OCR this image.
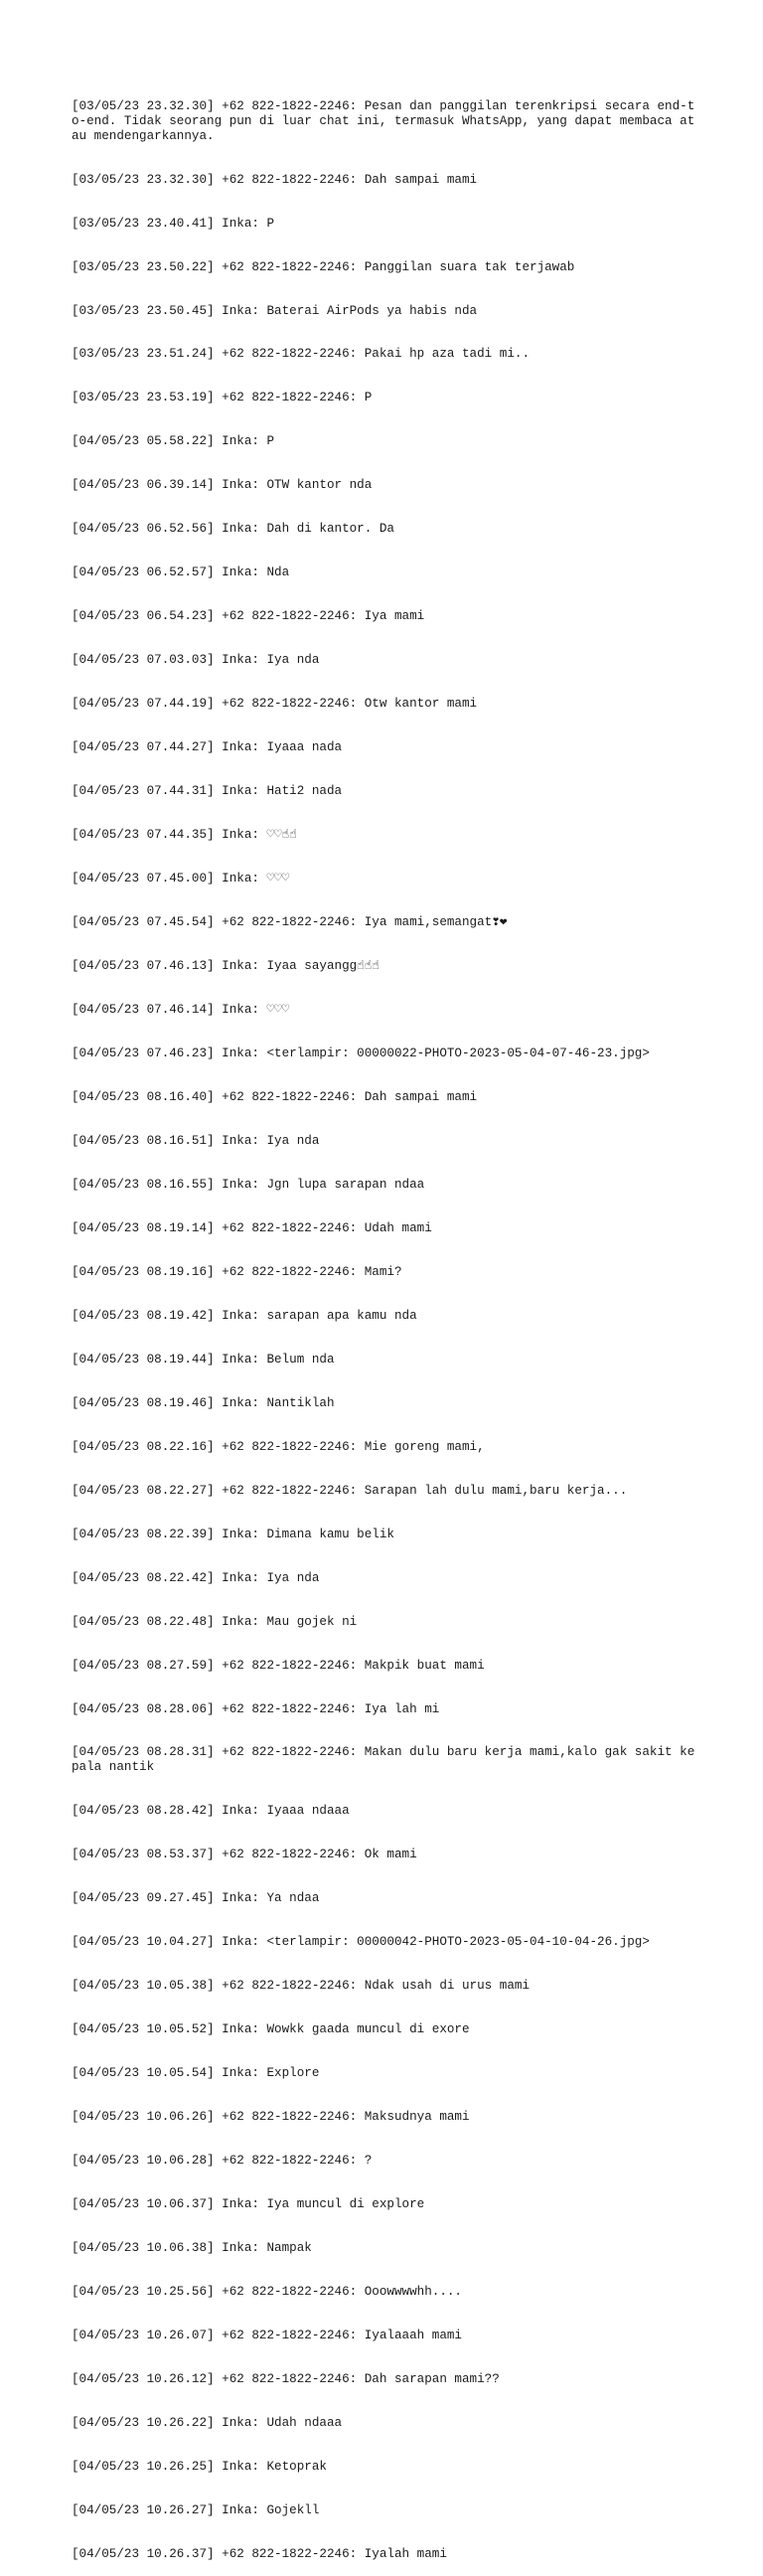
[03/05/23 23.32.30] +62 822-1822-2246: Pesan dan panggilan terenkripsi secara end-to-end. Tidak seorang pun di luar chat ini, termasuk WhatsApp, yang dapat membaca atau mendengarkannya.

[03/05/23 23.32.30] +62 822-1822-2246: Dah sampai mami

[03/05/23 23.40.41] Inka: P

[03/05/23 23.50.22] +62 822-1822-2246: Panggilan suara tak terjawab

[03/05/23 23.50.45] Inka: Baterai AirPods ya habis nda

[03/05/23 23.51.24] +62 822-1822-2246: Pakai hp aza tadi mi..

[03/05/23 23.53.19] +62 822-1822-2246: P

[04/05/23 05.58.22] Inka: P

[04/05/23 06.39.14] Inka: OTW kantor nda

[04/05/23 06.52.56] Inka: Dah di kantor. Da

[04/05/23 06.52.57] Inka: Nda

[04/05/23 06.54.23] +62 822-1822-2246: Iya mami

[04/05/23 07.03.03] Inka: Iya nda

[04/05/23 07.44.19] +62 822-1822-2246: Otw kantor mami

[04/05/23 07.44.27] Inka: Iyaaa nada

[04/05/23 07.44.31] Inka: Hati2 nada

[04/05/23 07.44.35] Inka: ♡♡☝☝

[04/05/23 07.45.00] Inka: ♡♡♡

[04/05/23 07.45.54] +62 822-1822-2246: Iya mami,semangat❣❤

[04/05/23 07.46.13] Inka: Iyaa sayangg☝☝☝

[04/05/23 07.46.14] Inka: ♡♡♡

[04/05/23 07.46.23] Inka: <terlampir: 00000022-PHOTO-2023-05-04-07-46-23.jpg>

[04/05/23 08.16.40] +62 822-1822-2246: Dah sampai mami

[04/05/23 08.16.51] Inka: Iya nda

[04/05/23 08.16.55] Inka: Jgn lupa sarapan ndaa

[04/05/23 08.19.14] +62 822-1822-2246: Udah mami

[04/05/23 08.19.16] +62 822-1822-2246: Mami?

[04/05/23 08.19.42] Inka: sarapan apa kamu nda

[04/05/23 08.19.44] Inka: Belum nda

[04/05/23 08.19.46] Inka: Nantiklah

[04/05/23 08.22.16] +62 822-1822-2246: Mie goreng mami,

[04/05/23 08.22.27] +62 822-1822-2246: Sarapan lah dulu mami,baru kerja...

[04/05/23 08.22.39] Inka: Dimana kamu belik

[04/05/23 08.22.42] Inka: Iya nda

[04/05/23 08.22.48] Inka: Mau gojek ni

[04/05/23 08.27.59] +62 822-1822-2246: Makpik buat mami

[04/05/23 08.28.06] +62 822-1822-2246: Iya lah mi

[04/05/23 08.28.31] +62 822-1822-2246: Makan dulu baru kerja mami,kalo gak sakit kepala nantik

[04/05/23 08.28.42] Inka: Iyaaa ndaaa

[04/05/23 08.53.37] +62 822-1822-2246: Ok mami

[04/05/23 09.27.45] Inka: Ya ndaa

[04/05/23 10.04.27] Inka: <terlampir: 00000042-PHOTO-2023-05-04-10-04-26.jpg>

[04/05/23 10.05.38] +62 822-1822-2246: Ndak usah di urus mami

[04/05/23 10.05.52] Inka: Wowkk gaada muncul di exore

[04/05/23 10.05.54] Inka: Explore

[04/05/23 10.06.26] +62 822-1822-2246: Maksudnya mami

[04/05/23 10.06.28] +62 822-1822-2246: ?

[04/05/23 10.06.37] Inka: Iya muncul di explore

[04/05/23 10.06.38] Inka: Nampak

[04/05/23 10.25.56] +62 822-1822-2246: Ooowwwwhh....

[04/05/23 10.26.07] +62 822-1822-2246: Iyalaaah mami

[04/05/23 10.26.12] +62 822-1822-2246: Dah sarapan mami??

[04/05/23 10.26.22] Inka: Udah ndaaa

[04/05/23 10.26.25] Inka: Ketoprak

[04/05/23 10.26.27] Inka: Gojekll

[04/05/23 10.26.37] +62 822-1822-2246: Iyalah mami
